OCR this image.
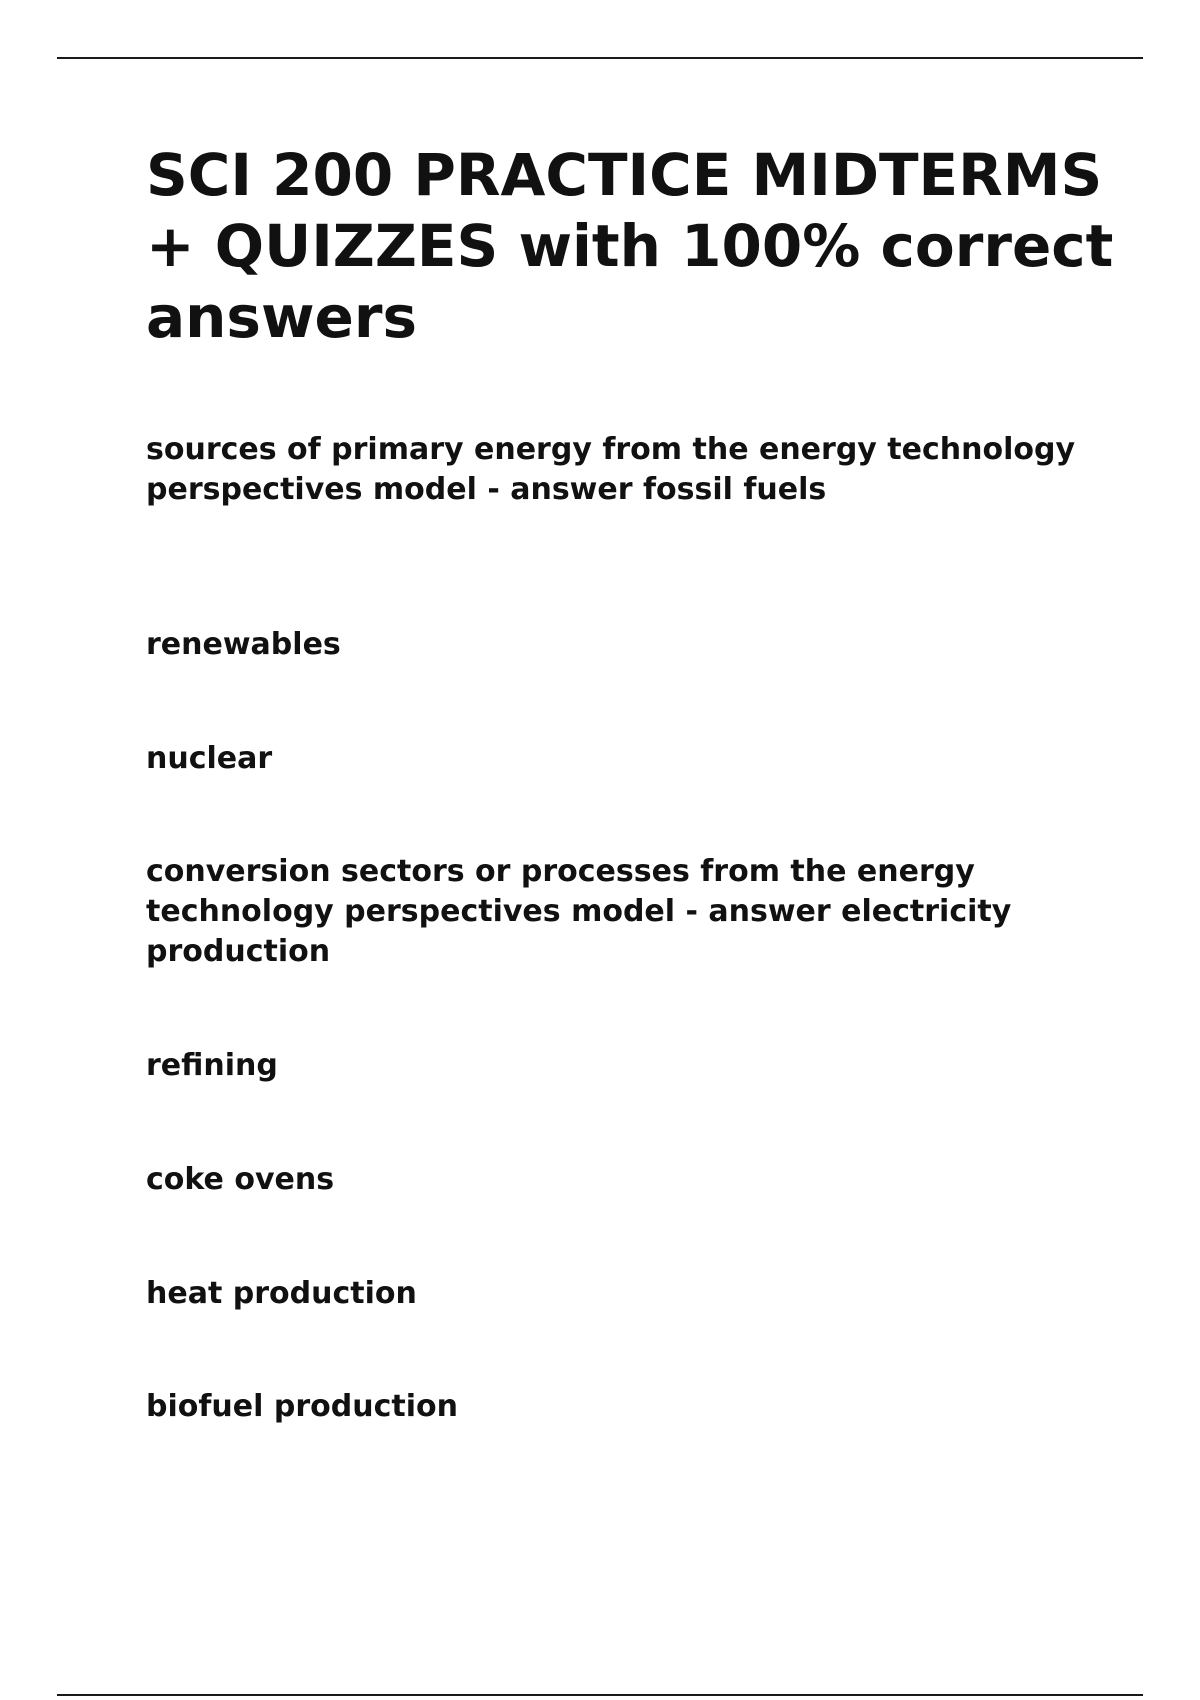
SCI 200 PRACTICE MIDTERMS + QUIZZES with 100% correct answers

sources of primary energy from the energy technology perspectives model - answer fossil fuels

renewables

nuclear

conversion sectors or processes from the energy technology perspectives model - answer electricity production

refining

coke ovens

heat production

biofuel production
